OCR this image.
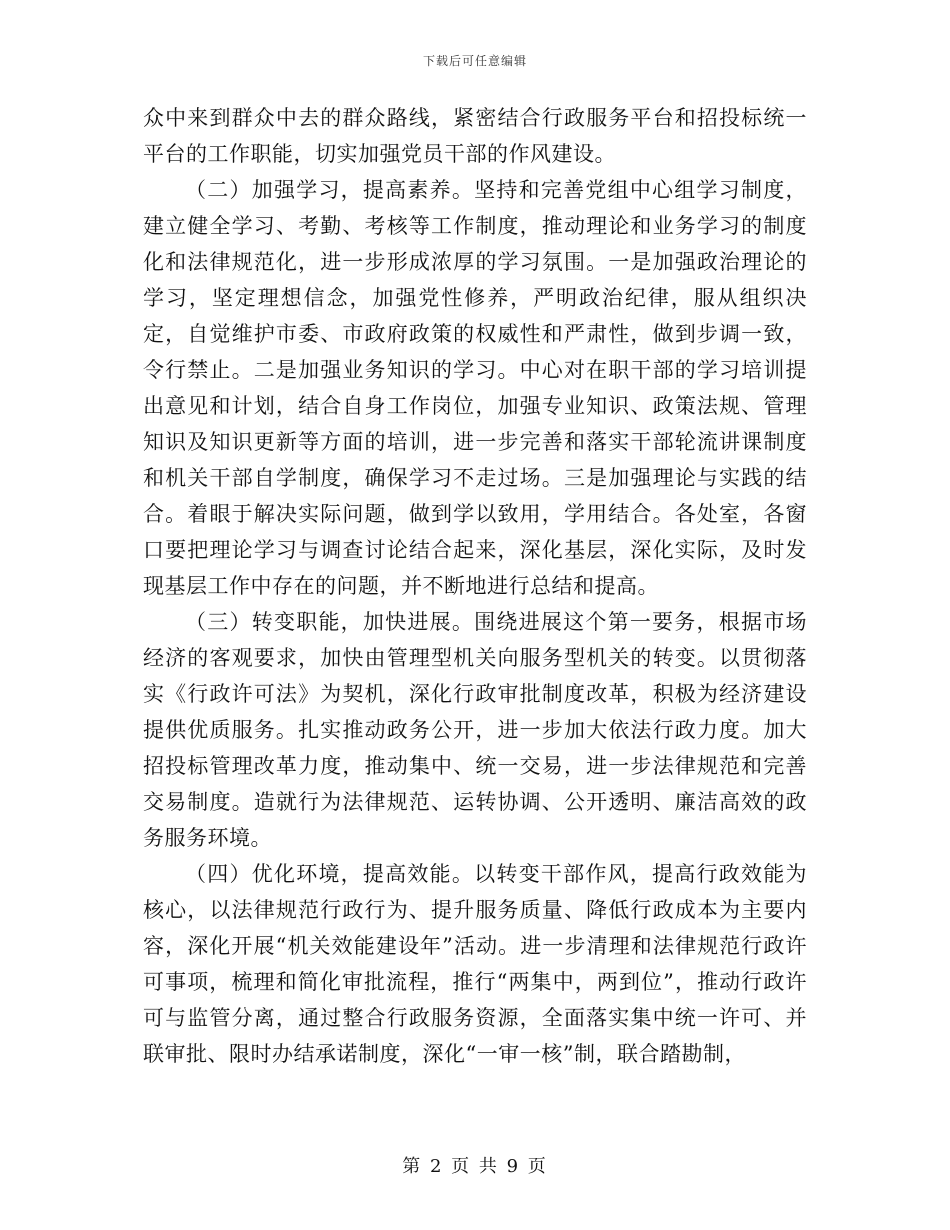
下载后可任意编辑

众中来到群众中去的群众路线，紧密结合行政服务平台和招投标统一平台的工作职能，切实加强党员干部的作风建设。

（二）加强学习，提高素养。坚持和完善党组中心组学习制度，建立健全学习、考勤、考核等工作制度，推动理论和业务学习的制度化和法律规范化，进一步形成浓厚的学习氛围。一是加强政治理论的学习，坚定理想信念，加强党性修养，严明政治纪律，服从组织决定，自觉维护市委、市政府政策的权威性和严肃性，做到步调一致，令行禁止。二是加强业务知识的学习。中心对在职干部的学习培训提出意见和计划，结合自身工作岗位，加强专业知识、政策法规、管理知识及知识更新等方面的培训，进一步完善和落实干部轮流讲课制度和机关干部自学制度，确保学习不走过场。三是加强理论与实践的结合。着眼于解决实际问题，做到学以致用，学用结合。各处室，各窗口要把理论学习与调查讨论结合起来，深化基层，深化实际，及时发现基层工作中存在的问题，并不断地进行总结和提高。

（三）转变职能，加快进展。围绕进展这个第一要务，根据市场经济的客观要求，加快由管理型机关向服务型机关的转变。以贯彻落实《行政许可法》为契机，深化行政审批制度改革，积极为经济建设提供优质服务。扎实推动政务公开，进一步加大依法行政力度。加大招投标管理改革力度，推动集中、统一交易，进一步法律规范和完善交易制度。造就行为法律规范、运转协调、公开透明、廉洁高效的政务服务环境。

（四）优化环境，提高效能。以转变干部作风，提高行政效能为核心，以法律规范行政行为、提升服务质量、降低行政成本为主要内容，深化开展“机关效能建设年”活动。进一步清理和法律规范行政许可事项，梳理和简化审批流程，推行“两集中，两到位”，推动行政许可与监管分离，通过整合行政服务资源，全面落实集中统一许可、并联审批、限时办结承诺制度，深化“一审一核”制，联合踏勘制，

第 2 页 共 9 页
